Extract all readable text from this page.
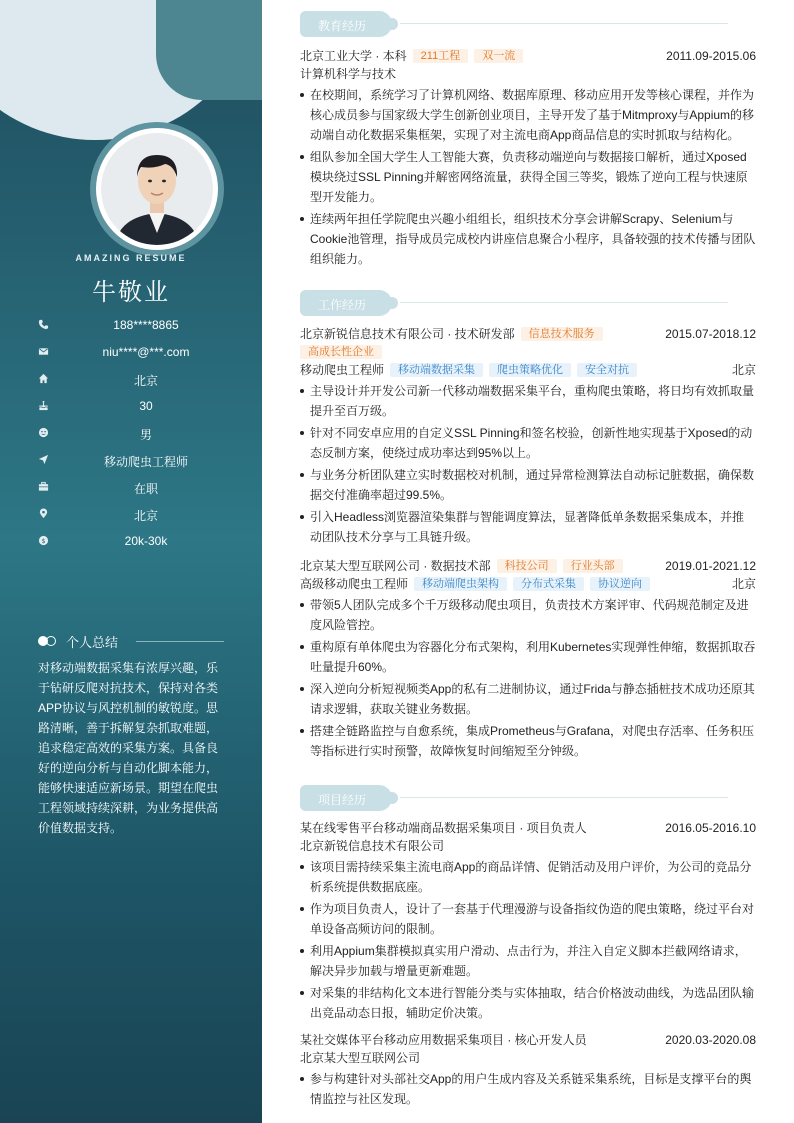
AMAZING RESUME
牛敬业
188****8865
niu****@***.com
北京
30
男
移动爬虫工程师
在职
北京
$	20k-30k
个人总结
对移动端数据采集有浓厚兴趣，乐于钻研反爬对抗技术，保持对各类APP协议与风控机制的敏锐度。思路清晰，善于拆解复杂抓取难题，追求稳定高效的采集方案。具备良好的逆向分析与自动化脚本能力，能够快速适应新场景。期望在爬虫工程领域持续深耕，为业务提供高价值数据支持。
教育经历
北京工业大学 · 本科 211工程 双一流	2011.09-2015.06
计算机科学与技术
在校期间，系统学习了计算机网络、数据库原理、移动应用开发等核心课程，并作为核心成员参与国家级大学生创新创业项目，主导开发了基于Mitmproxy与Appium的移动端自动化数据采集框架，实现了对主流电商App商品信息的实时抓取与结构化。
组队参加全国大学生人工智能大赛，负责移动端逆向与数据接口解析，通过Xposed模块绕过SSL Pinning并解密网络流量，获得全国三等奖，锻炼了逆向工程与快速原型开发能力。
连续两年担任学院爬虫兴趣小组组长，组织技术分享会讲解Scrapy、Selenium与Cookie池管理，指导成员完成校内讲座信息聚合小程序，具备较强的技术传播与团队组织能力。
工作经历
北京新锐信息技术有限公司 · 技术研发部 信息技术服务	2015.07-2018.12
高成长性企业
移动爬虫工程师 移动端数据采集 爬虫策略优化 安全对抗	北京
主导设计并开发公司新一代移动端数据采集平台，重构爬虫策略，将日均有效抓取量提升至百万级。
针对不同安卓应用的自定义SSL Pinning和签名校验，创新性地实现基于Xposed的动态反制方案，使绕过成功率达到95%以上。
与业务分析团队建立实时数据校对机制，通过异常检测算法自动标记脏数据，确保数据交付准确率超过99.5%。
引入Headless浏览器渲染集群与智能调度算法，显著降低单条数据采集成本，并推动团队技术分享与工具链升级。
北京某大型互联网公司 · 数据技术部 科技公司 行业头部	2019.01-2021.12
高级移动爬虫工程师 移动端爬虫架构 分布式采集 协议逆向	北京
带领5人团队完成多个千万级移动爬虫项目，负责技术方案评审、代码规范制定及进度风险管控。
重构原有单体爬虫为容器化分布式架构，利用Kubernetes实现弹性伸缩，数据抓取吞吐量提升60%。
深入逆向分析短视频类App的私有二进制协议，通过Frida与静态插桩技术成功还原其请求逻辑，获取关键业务数据。
搭建全链路监控与自愈系统，集成Prometheus与Grafana，对爬虫存活率、任务积压等指标进行实时预警，故障恢复时间缩短至分钟级。
项目经历
某在线零售平台移动端商品数据采集项目 · 项目负责人	2016.05-2016.10
北京新锐信息技术有限公司
该项目需持续采集主流电商App的商品详情、促销活动及用户评价，为公司的竞品分析系统提供数据底座。
作为项目负责人，设计了一套基于代理漫游与设备指纹伪造的爬虫策略，绕过平台对单设备高频访问的限制。
利用Appium集群模拟真实用户滑动、点击行为，并注入自定义脚本拦截网络请求，解决异步加载与增量更新难题。
对采集的非结构化文本进行智能分类与实体抽取，结合价格波动曲线，为选品团队输出竞品动态日报，辅助定价决策。
某社交媒体平台移动应用数据采集项目 · 核心开发人员	2020.03-2020.08
北京某大型互联网公司
参与构建针对头部社交App的用户生成内容及关系链采集系统，目标是支撑平台的舆情监控与社区发现。
